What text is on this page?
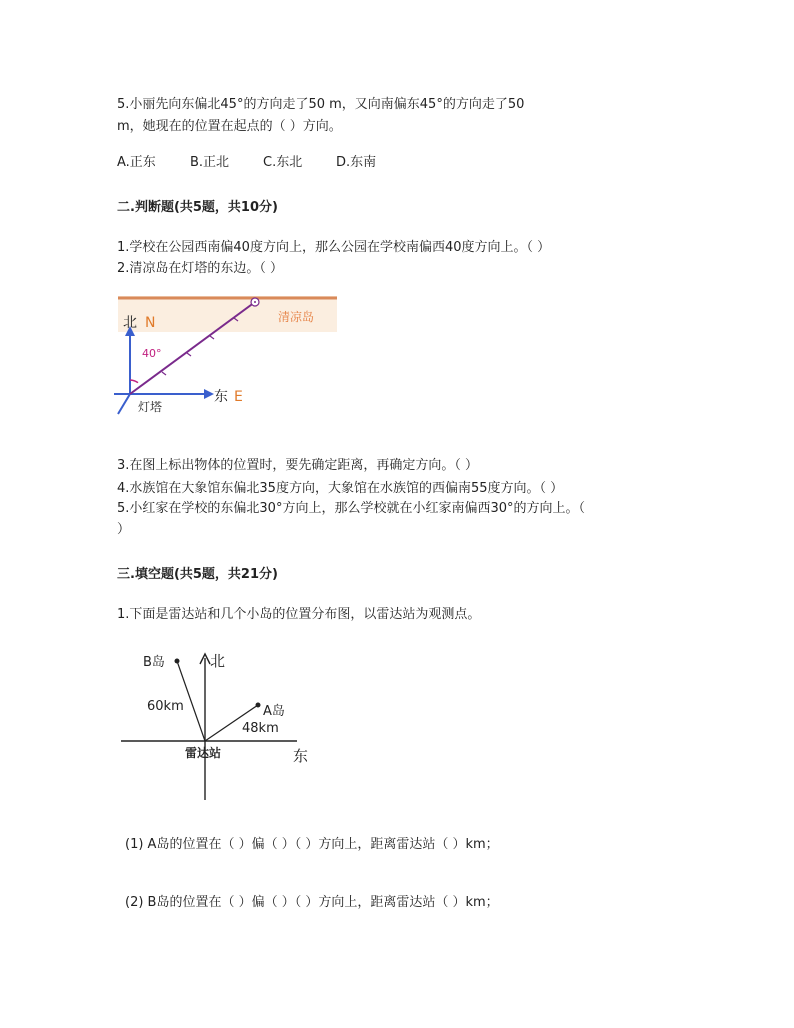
5.小丽先向东偏北45°的方向走了50 m，又向南偏东45°的方向走了50
m，她现在的位置在起点的（ ）方向。
A.正东	B.正北	C.东北	D.东南
二.判断题(共5题，共10分)
1.学校在公园西南偏40度方向上，那么公园在学校南偏西40度方向上。（ ）
2.清凉岛在灯塔的东边。（ ）
40°
北 N
东 E
灯塔
清凉岛
3.在图上标出物体的位置时，要先确定距离，再确定方向。（ ）
4.水族馆在大象馆东偏北35度方向，大象馆在水族馆的西偏南55度方向。（ ）
5.小红家在学校的东偏北30°方向上，那么学校就在小红家南偏西30°的方向上。（
）
三.填空题(共5题，共21分)
1.下面是雷达站和几个小岛的位置分布图，以雷达站为观测点。
北
东
雷达站
B岛
60km	A岛
48km
(1) A岛的位置在（ ）偏（ ）（ ）方向上，距离雷达站（ ）km；
(2) B岛的位置在（ ）偏（ ）（ ）方向上，距离雷达站（ ）km；
